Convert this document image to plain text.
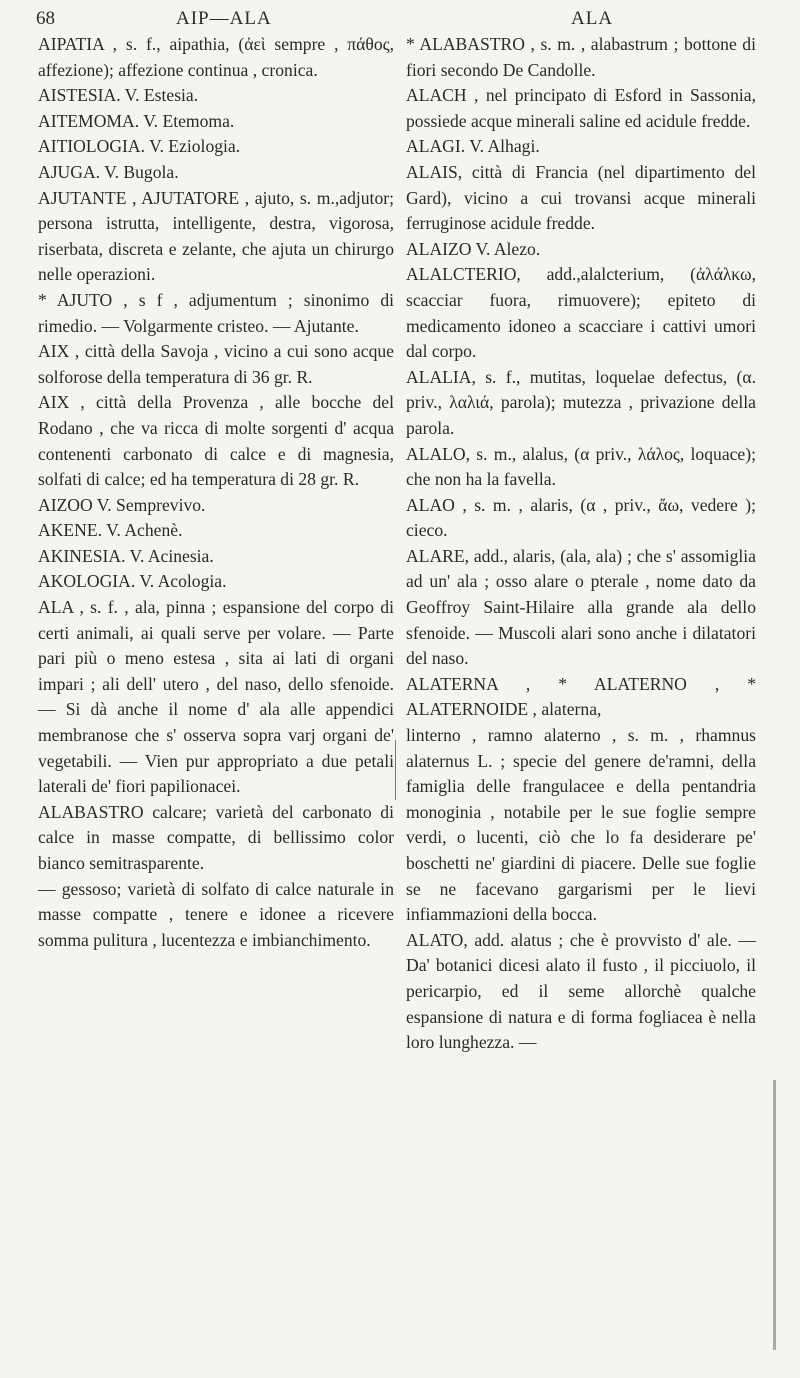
68	AIP—ALA	ALA

AIPATIA , s. f., aipathia, (ἀεὶ sempre , πάθος, affezione); affezione continua , cronica.

AISTESIA. V. Estesia.

AITEMOMA. V. Etemoma.

AITIOLOGIA. V. Eziologia.

AJUGA. V. Bugola.

AJUTANTE , AJUTATORE , ajuto, s. m.,adjutor; persona istrutta, intelligente, destra, vigorosa, riserbata, discreta e zelante, che ajuta un chirurgo nelle operazioni.

* AJUTO , s f , adjumentum ; sinonimo di rimedio. — Volgarmente cristeo. — Ajutante.

AIX , città della Savoja , vicino a cui sono acque solforose della temperatura di 36 gr. R.

AIX , città della Provenza , alle bocche del Rodano , che va ricca di molte sorgenti d' acqua contenenti carbonato di calce e di magnesia, solfati di calce; ed ha temperatura di 28 gr. R.

AIZOO V. Semprevivo.

AKENE. V. Achenè.

AKINESIA. V. Acinesia.

AKOLOGIA. V. Acologia.

ALA , s. f. , ala, pinna ; espansione del corpo di certi animali, ai quali serve per volare. — Parte pari più o meno estesa , sita ai lati di organi impari ; ali dell' utero , del naso, dello sfenoide. — Si dà anche il nome d' ala alle appendici membranose che s' osserva sopra varj organi de' vegetabili. — Vien pur appropriato a due petali laterali de' fiori papilionacei.

ALABASTRO calcare; varietà del carbonato di calce in masse compatte, di bellissimo color bianco semitrasparente.

— gessoso; varietà di solfato di calce naturale in masse compatte , tenere e idonee a ricevere somma pulitura , lucentezza e imbianchimento.

* ALABASTRO , s. m. , alabastrum ; bottone di fiori secondo De Candolle.

ALACH , nel principato di Esford in Sassonia, possiede acque minerali saline ed acidule fredde.

ALAGI. V. Alhagi.

ALAIS, città di Francia (nel dipartimento del Gard), vicino a cui trovansi acque minerali ferruginose acidule fredde.

ALAIZO V. Alezo.

ALALCTERIO, add.,alalcterium, (ἀλάλκω, scacciar fuora, rimuovere); epiteto di medicamento idoneo a scacciare i cattivi umori dal corpo.

ALALIA, s. f., mutitas, loquelae defectus, (α. priv., λαλιά, parola); mutezza , privazione della parola.

ALALO, s. m., alalus, (α priv., λάλος, loquace); che non ha la favella.

ALAO , s. m. , alaris, (α , priv., ἄω, vedere ); cieco.

ALARE, add., alaris, (ala, ala) ; che s' assomiglia ad un' ala ; osso alare o pterale , nome dato da Geoffroy Saint-Hilaire alla grande ala dello sfenoide. — Muscoli alari sono anche i dilatatori del naso.

ALATERNA , * ALATERNO , * ALATERNOIDE , alaterna,

linterno , ramno alaterno , s. m. , rhamnus alaternus L. ; specie del genere de'ramni, della famiglia delle frangulacee e della pentandria monoginia , notabile per le sue foglie sempre verdi, o lucenti, ciò che lo fa desiderare pe' boschetti ne' giardini di piacere. Delle sue foglie se ne facevano gargarismi per le lievi infiammazioni della bocca.

ALATO, add. alatus ; che è provvisto d' ale. — Da' botanici dicesi alato il fusto , il picciuolo, il pericarpio, ed il seme allorchè qualche espansione di natura e di forma fogliacea è nella loro lunghezza. —
